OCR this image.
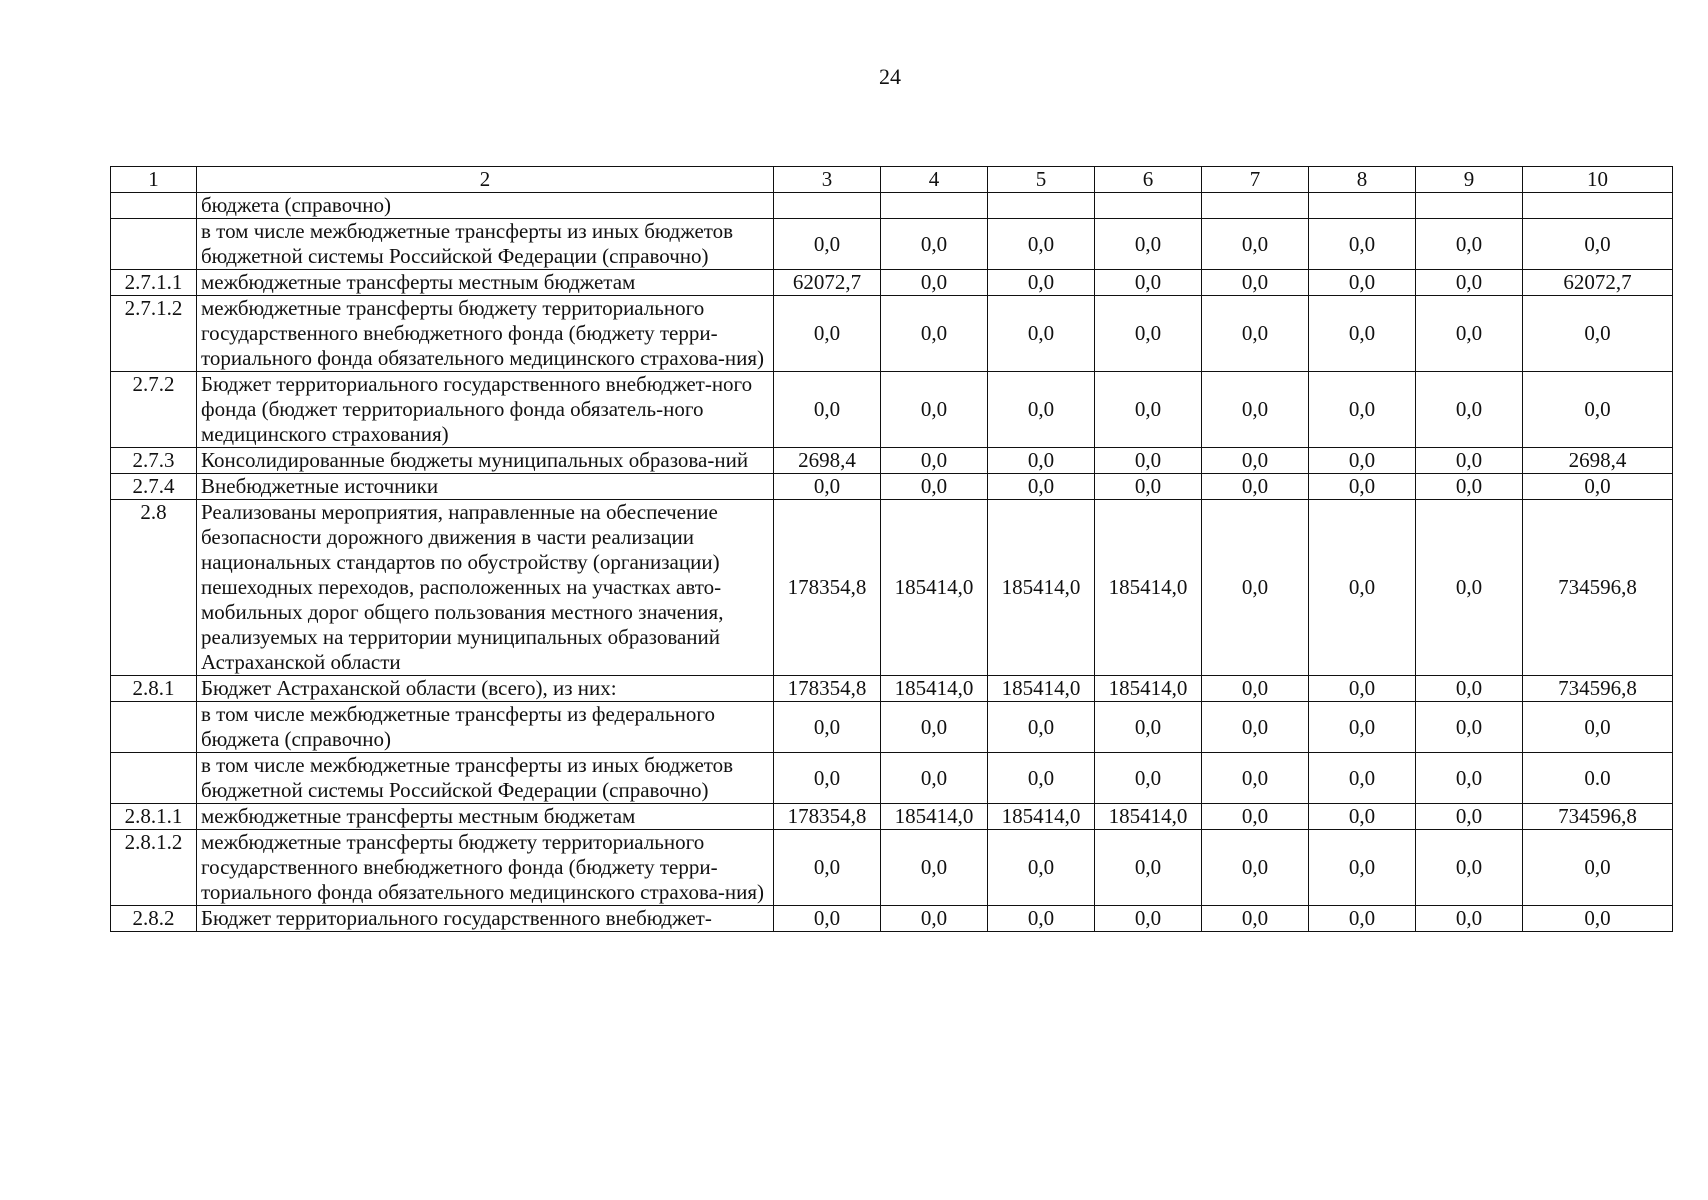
24
1	2	3	4	5	6	7	8	9	10
	бюджета (справочно)								
	в том числе межбюджетные трансферты из иных бюджетов бюджетной системы Российской Федерации (справочно)	0,0	0,0	0,0	0,0	0,0	0,0	0,0	0,0
2.7.1.1	межбюджетные трансферты местным бюджетам	62072,7	0,0	0,0	0,0	0,0	0,0	0,0	62072,7
2.7.1.2	межбюджетные трансферты бюджету территориального государственного внебюджетного фонда (бюджету терри-ториального фонда обязательного медицинского страхова-ния)	0,0	0,0	0,0	0,0	0,0	0,0	0,0	0,0
2.7.2	Бюджет территориального государственного внебюджет-ного фонда (бюджет территориального фонда обязатель-ного медицинского страхования)	0,0	0,0	0,0	0,0	0,0	0,0	0,0	0,0
2.7.3	Консолидированные бюджеты муниципальных образова-ний	2698,4	0,0	0,0	0,0	0,0	0,0	0,0	2698,4
2.7.4	Внебюджетные источники	0,0	0,0	0,0	0,0	0,0	0,0	0,0	0,0
2.8	Реализованы мероприятия, направленные на обеспечение безопасности дорожного движения в части реализации национальных стандартов по обустройству (организации) пешеходных переходов, расположенных на участках авто-мобильных дорог общего пользования местного значения, реализуемых на территории муниципальных образований Астраханской области	178354,8	185414,0	185414,0	185414,0	0,0	0,0	0,0	734596,8
2.8.1	Бюджет Астраханской области (всего), из них:	178354,8	185414,0	185414,0	185414,0	0,0	0,0	0,0	734596,8
	в том числе межбюджетные трансферты из федерального бюджета (справочно)	0,0	0,0	0,0	0,0	0,0	0,0	0,0	0,0
	в том числе межбюджетные трансферты из иных бюджетов бюджетной системы Российской Федерации (справочно)	0,0	0,0	0,0	0,0	0,0	0,0	0,0	0.0
2.8.1.1	межбюджетные трансферты местным бюджетам	178354,8	185414,0	185414,0	185414,0	0,0	0,0	0,0	734596,8
2.8.1.2	межбюджетные трансферты бюджету территориального государственного внебюджетного фонда (бюджету терри-ториального фонда обязательного медицинского страхова-ния)	0,0	0,0	0,0	0,0	0,0	0,0	0,0	0,0
2.8.2	Бюджет территориального государственного внебюджет-	0,0	0,0	0,0	0,0	0,0	0,0	0,0	0,0
